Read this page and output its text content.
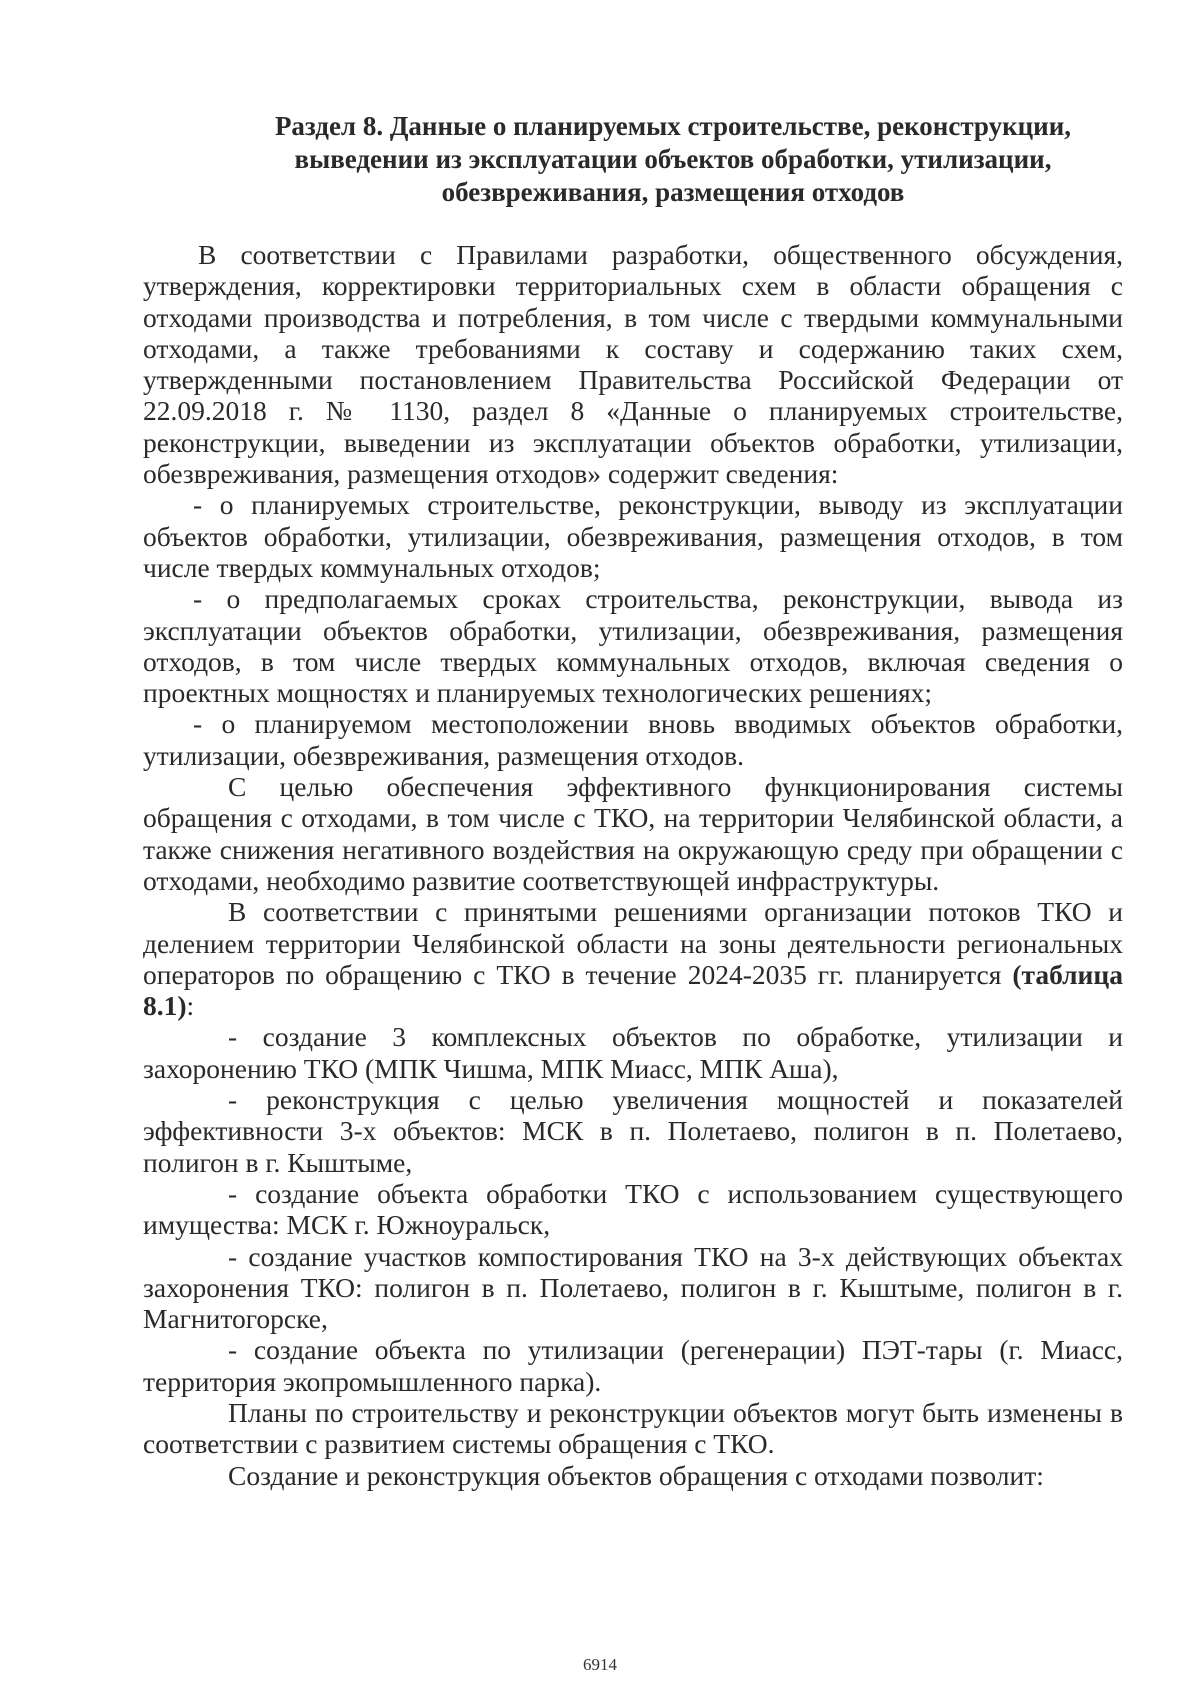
Раздел 8. Данные о планируемых строительстве, реконструкции, выведении из эксплуатации объектов обработки, утилизации, обезвреживания, размещения отходов

В соответствии с Правилами разработки, общественного обсуждения, утверждения, корректировки территориальных схем в области обращения с отходами производства и потребления, в том числе с твердыми коммунальными отходами, а также требованиями к составу и содержанию таких схем, утвержденными постановлением Правительства Российской Федерации от 22.09.2018 г. № 1130, раздел 8 «Данные о планируемых строительстве, реконструкции, выведении из эксплуатации объектов обработки, утилизации, обезвреживания, размещения отходов» содержит сведения:

- о планируемых строительстве, реконструкции, выводу из эксплуатации объектов обработки, утилизации, обезвреживания, размещения отходов, в том числе твердых коммунальных отходов;

- о предполагаемых сроках строительства, реконструкции, вывода из эксплуатации объектов обработки, утилизации, обезвреживания, размещения отходов, в том числе твердых коммунальных отходов, включая сведения о проектных мощностях и планируемых технологических решениях;

- о планируемом местоположении вновь вводимых объектов обработки, утилизации, обезвреживания, размещения отходов.

С целью обеспечения эффективного функционирования системы обращения с отходами, в том числе с ТКО, на территории Челябинской области, а также снижения негативного воздействия на окружающую среду при обращении с отходами, необходимо развитие соответствующей инфраструктуры.

В соответствии с принятыми решениями организации потоков ТКО и делением территории Челябинской области на зоны деятельности региональных операторов по обращению с ТКО в течение 2024-2035 гг. планируется (таблица 8.1):

- создание 3 комплексных объектов по обработке, утилизации и захоронению ТКО (МПК Чишма, МПК Миасс, МПК Аша),

- реконструкция с целью увеличения мощностей и показателей эффективности 3-х объектов: МСК в п. Полетаево, полигон в п. Полетаево, полигон в г. Кыштыме,

- создание объекта обработки ТКО с использованием существующего имущества: МСК г. Южноуральск,

- создание участков компостирования ТКО на 3-х действующих объектах захоронения ТКО: полигон в п. Полетаево, полигон в г. Кыштыме, полигон в г. Магнитогорске,

- создание объекта по утилизации (регенерации) ПЭТ-тары (г. Миасс, территория экопромышленного парка).

Планы по строительству и реконструкции объектов могут быть изменены в соответствии с развитием системы обращения с ТКО.

Создание и реконструкция объектов обращения с отходами позволит:

6914
